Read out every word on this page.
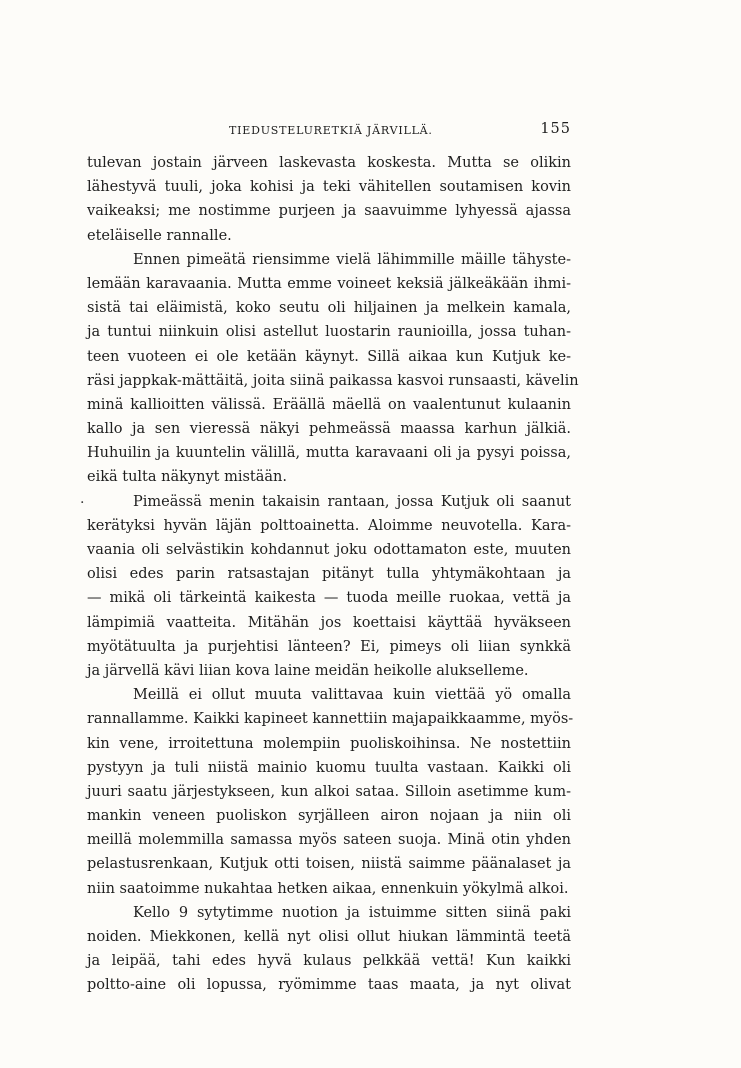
TIEDUSTELURETKIÄ JÄRVILLÄ.	155
.
tulevan jostain järveen laskevasta koskesta. Mutta se olikin
lähestyvä tuuli, joka kohisi ja teki vähitellen soutamisen kovin
vaikeaksi; me nostimme purjeen ja saavuimme lyhyessä ajassa
eteläiselle rannalle.
Ennen pimeätä riensimme vielä lähimmille mäille tähyste-
lemään karavaania. Mutta emme voineet keksiä jälkeäkään ihmi-
sistä tai eläimistä, koko seutu oli hiljainen ja melkein kamala,
ja tuntui niinkuin olisi astellut luostarin raunioilla, jossa tuhan-
teen vuoteen ei ole ketään käynyt. Sillä aikaa kun Kutjuk ke-
räsi jappkak-mättäitä, joita siinä paikassa kasvoi runsaasti, kävelin
minä kallioitten välissä. Eräällä mäellä on vaalentunut kulaanin
kallo ja sen vieressä näkyi pehmeässä maassa karhun jälkiä.
Huhuilin ja kuuntelin välillä, mutta karavaani oli ja pysyi poissa,
eikä tulta näkynyt mistään.
Pimeässä menin takaisin rantaan, jossa Kutjuk oli saanut
kerätyksi hyvän läjän polttoainetta. Aloimme neuvotella. Kara-
vaania oli selvästikin kohdannut joku odottamaton este, muuten
olisi edes parin ratsastajan pitänyt tulla yhtymäkohtaan ja
— mikä oli tärkeintä kaikesta — tuoda meille ruokaa, vettä ja
lämpimiä vaatteita. Mitähän jos koettaisi käyttää hyväkseen
myötätuulta ja purjehtisi länteen? Ei, pimeys oli liian synkkä
ja järvellä kävi liian kova laine meidän heikolle alukselleme.
Meillä ei ollut muuta valittavaa kuin viettää yö omalla
rannallamme. Kaikki kapineet kannettiin majapaikkaamme, myös-
kin vene, irroitettuna molempiin puoliskoihinsa. Ne nostettiin
pystyyn ja tuli niistä mainio kuomu tuulta vastaan. Kaikki oli
juuri saatu järjestykseen, kun alkoi sataa. Silloin asetimme kum-
mankin veneen puoliskon syrjälleen airon nojaan ja niin oli
meillä molemmilla samassa myös sateen suoja. Minä otin yhden
pelastusrenkaan, Kutjuk otti toisen, niistä saimme päänalaset ja
niin saatoimme nukahtaa hetken aikaa, ennenkuin yökylmä alkoi.
Kello 9 sytytimme nuotion ja istuimme sitten siinä paki
noiden. Miekkonen, kellä nyt olisi ollut hiukan lämmintä teetä
ja leipää, tahi edes hyvä kulaus pelkkää vettä! Kun kaikki
poltto-aine oli lopussa, ryömimme taas maata, ja nyt olivat
